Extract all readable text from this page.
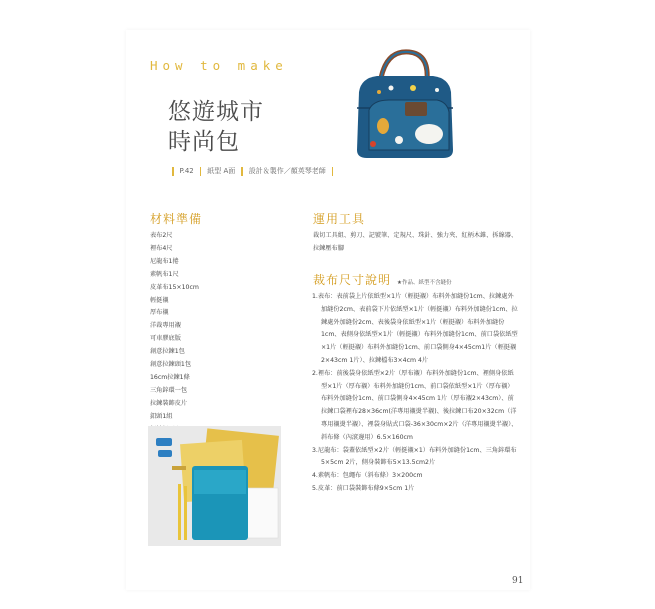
How to make
悠遊城市
時尚包
P.42 紙型 A面 設計＆製作／顏英琴老師
材料準備
表布2尺
裡布4尺
尼龍布1捲
素帆布1尺
皮革布15×10cm
輕挺襯
厚布襯
洋裁專用襯
可車膠底版
創意拉鍊1包
創意拉鍊頭1包
16cm拉鍊1條
三角鋅環一包
拉鍊裝飾皮片
釦頭1組
運用工具
裁切工具組、剪刀、記號筆、定規尺、珠針、強力夾、紅柄木錐、拆線器、拉鍊壓布腳
裁布尺寸說明 ★作品、紙型不含縫份
1.表布：表前袋上片依紙型×1片（輕挺襯）布料外加縫份1cm、拉鍊處外加縫份2cm、表前袋下片依紙型×1片（輕挺襯）布料外加縫份1cm、拉鍊處外加縫份2cm、表後袋身依紙型×1片（輕挺襯）布料外加縫份1cm、表側身依紙型×1片（輕挺襯）布料外加縫份1cm、前口袋依紙型×1片（輕挺襯）布料外加縫份1cm、前口袋側身4×45cm1片（輕挺襯2×43cm 1片）、拉鍊檔布3×4cm 4片
2.裡布：前後袋身依紙型×2片（厚布襯）布料外加縫份1cm、裡側身依紙型×1片（厚布襯）布料外加縫份1cm、前口袋依紙型×1片（厚布襯）布料外加縫份1cm、前口袋側身4×45cm 1片（厚布襯2×43cm）、前拉鍊口袋裡布28×36cm(洋專用襯燙半襯)、後拉鍊口布20×32cm（洋專用襯燙半襯）、裡袋身貼式口袋-36×30cm×2片（洋專用襯燙半襯）、斜布條（內滾邊用）6.5×160cm
3.尼龍布：袋蓋依紙型×2片（輕挺襯×1）布料外加縫份1cm、三角鋅環布5×5cm 2片，側身裝飾布5×13.5cm2片
4.素帆布：包繩布（斜布條）3×200cm
5.皮革：前口袋裝飾布條9×5cm 1片
91
